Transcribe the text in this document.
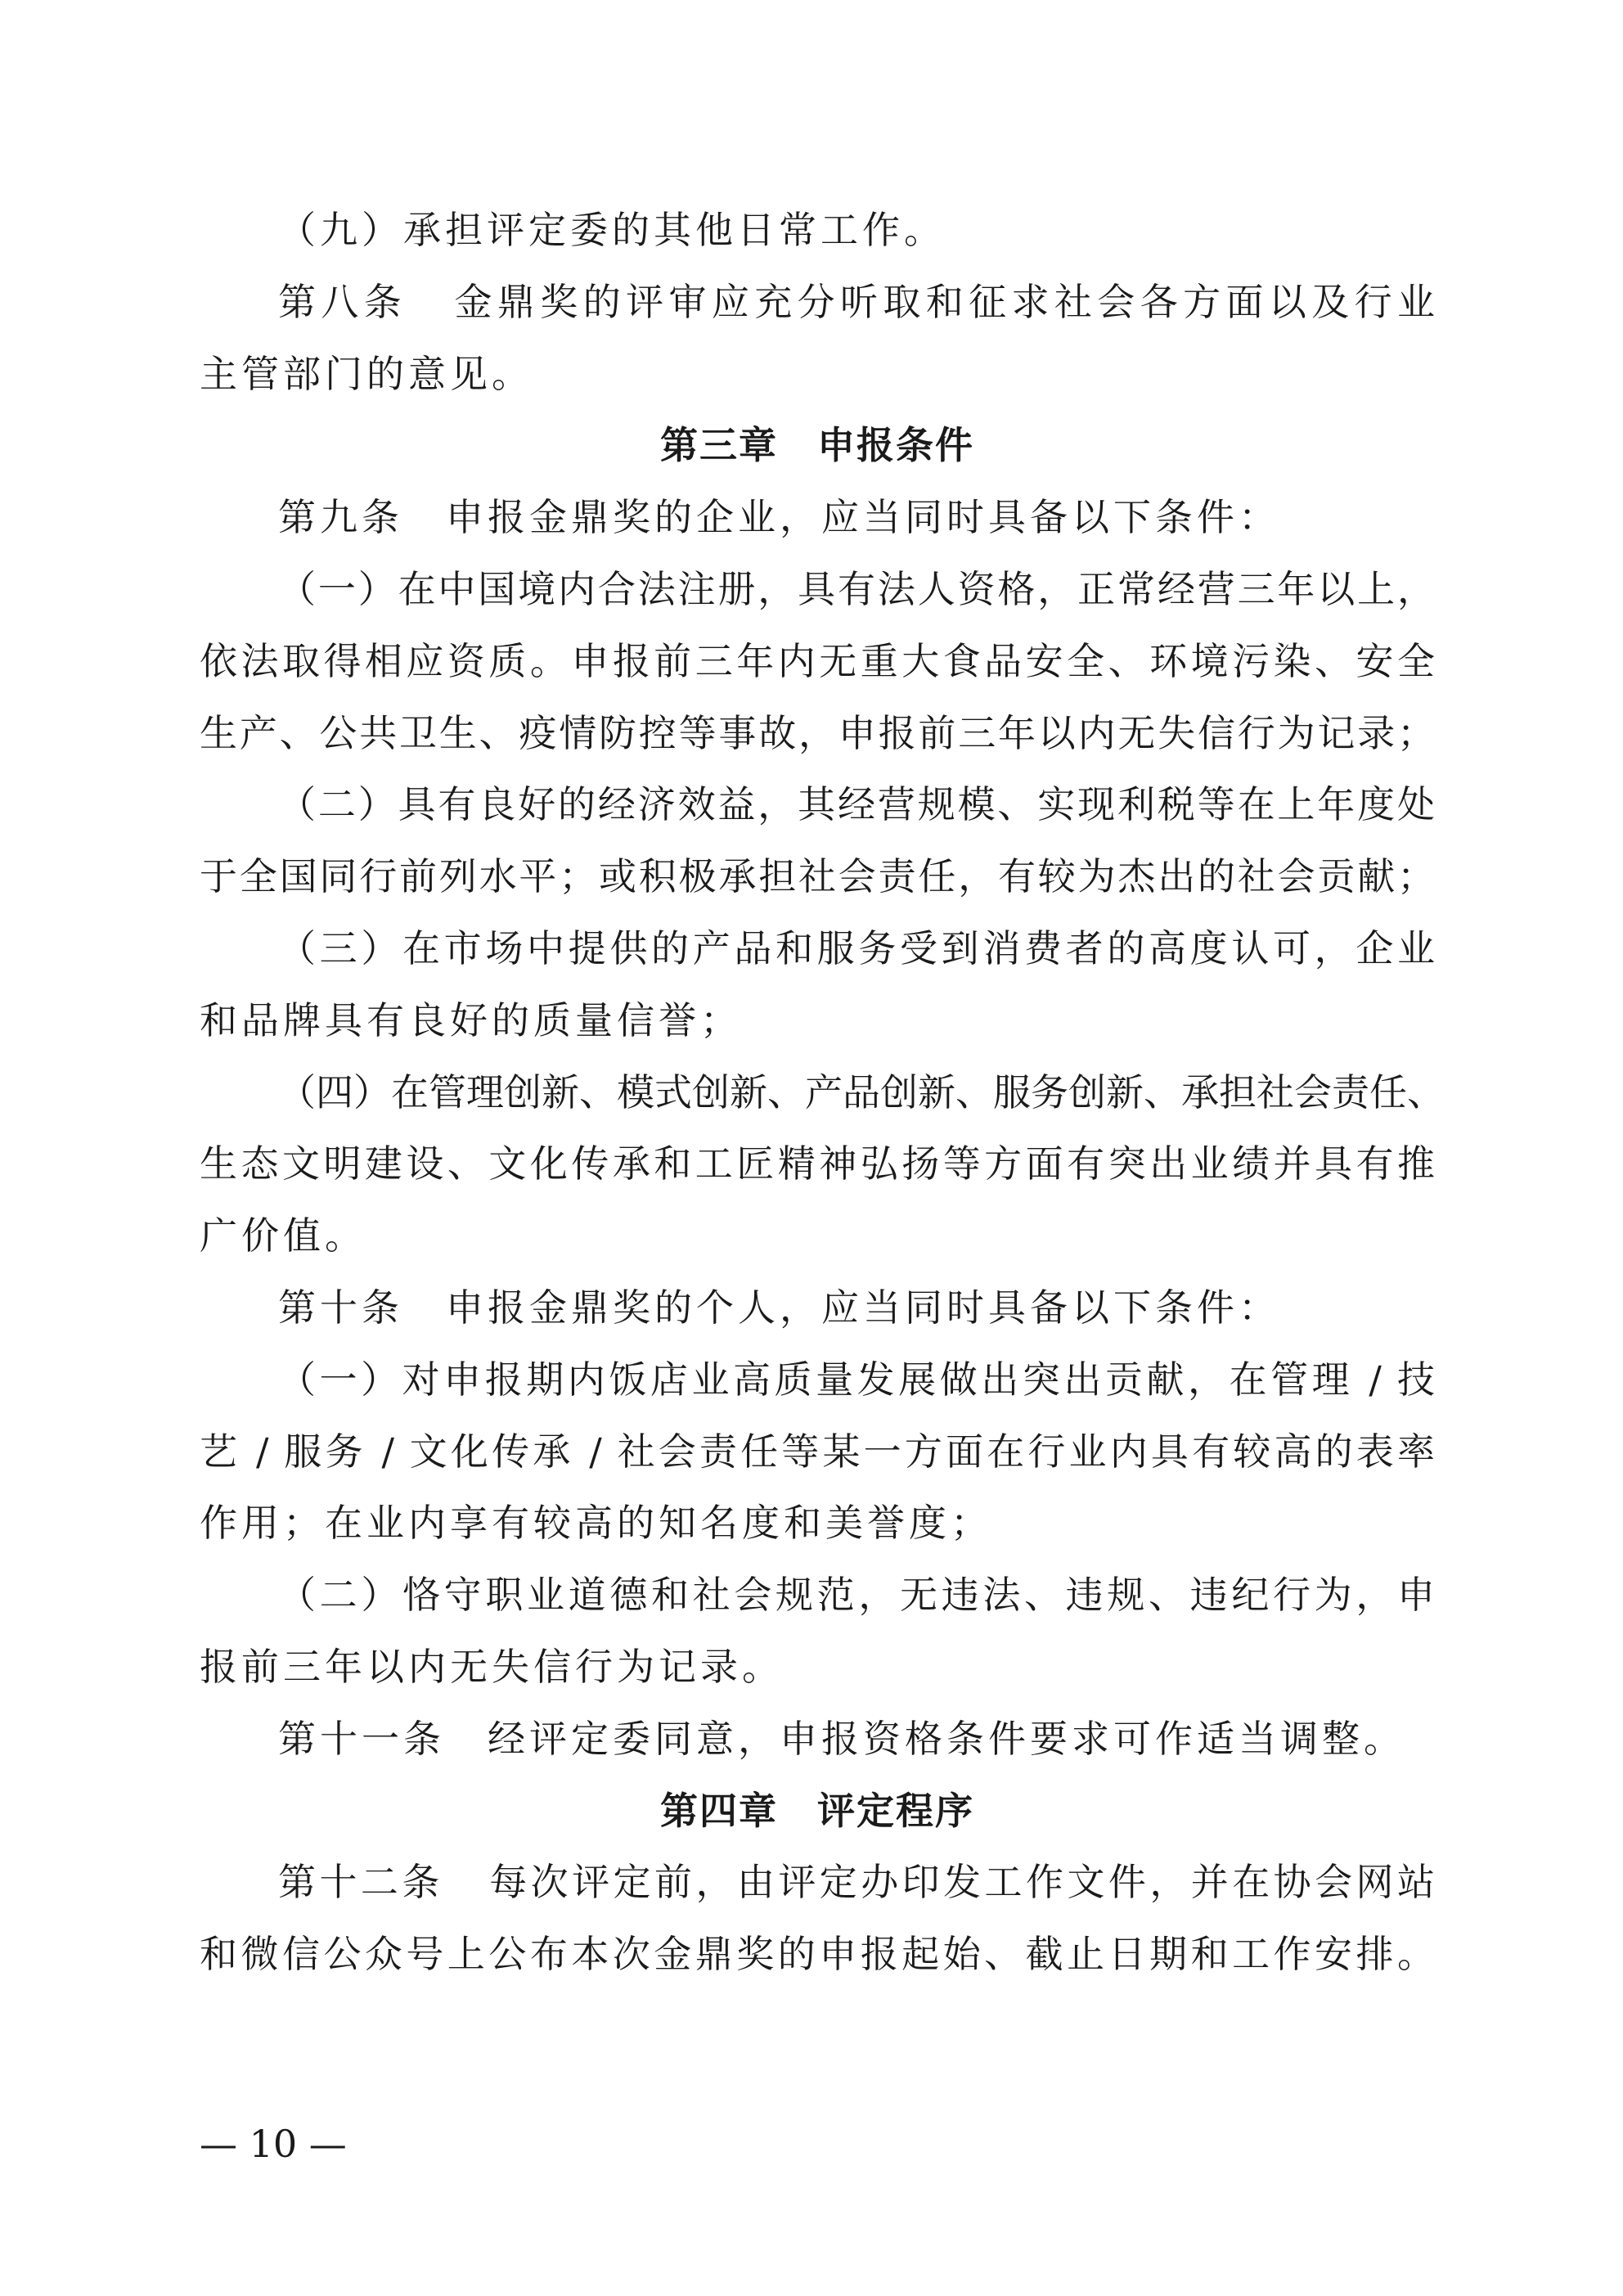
（九）承担评定委的其他日常工作。
第八条 金鼎奖的评审应充分听取和征求社会各方面以及行业
主管部门的意见。
第三章　申报条件
第九条 申报金鼎奖的企业，应当同时具备以下条件：
（一）在中国境内合法注册，具有法人资格，正常经营三年以上，
依法取得相应资质。申报前三年内无重大食品安全、环境污染、安全
生产、公共卫生、疫情防控等事故，申报前三年以内无失信行为记录；
（二）具有良好的经济效益，其经营规模、实现利税等在上年度处
于全国同行前列水平；或积极承担社会责任，有较为杰出的社会贡献；
（三）在市场中提供的产品和服务受到消费者的高度认可，企业
和品牌具有良好的质量信誉；
（四）在管理创新、模式创新、产品创新、服务创新、承担社会责任、
生态文明建设、文化传承和工匠精神弘扬等方面有突出业绩并具有推
广价值。
第十条 申报金鼎奖的个人，应当同时具备以下条件：
（一）对申报期内饭店业高质量发展做出突出贡献，在管理 / 技
艺 / 服务 / 文化传承 / 社会责任等某一方面在行业内具有较高的表率
作用；在业内享有较高的知名度和美誉度；
（二）恪守职业道德和社会规范，无违法、违规、违纪行为，申
报前三年以内无失信行为记录。
第十一条 经评定委同意，申报资格条件要求可作适当调整。
第四章　评定程序
第十二条 每次评定前，由评定办印发工作文件，并在协会网站
和微信公众号上公布本次金鼎奖的申报起始、截止日期和工作安排。
— 10 —
